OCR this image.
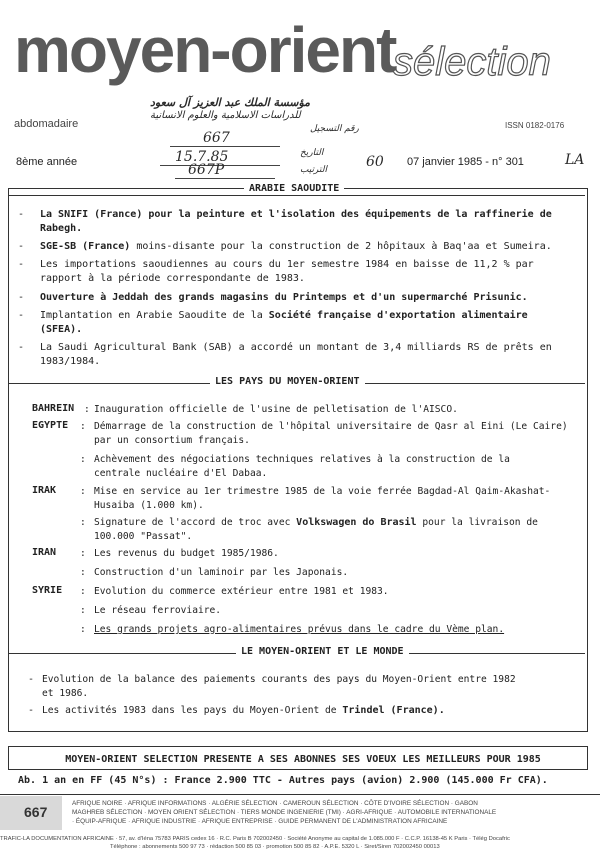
moyen-orient
sélection
abdomadaire	ISSN 0182-0176
8ème année	07 janvier 1985 - n° 301
مؤسسة الملك عبد العزيز آل سعود
للدراسات الاسلامية والعلوم الانسانية
رقم التسجيل
667
التاريخ
15.7.85
الترتيب
667P	60	LA
ARABIE SAOUDITE
-	La SNIFI (France) pour la peinture et l'isolation des équipements de la raffinerie de Rabegh.
-	SGE-SB (France) moins-disante pour la construction de 2 hôpitaux à Baq'aa et Sumeira.
-	Les importations saoudiennes au cours du 1er semestre 1984 en baisse de 11,2 % par rapport à la période correspondante de 1983.
-	Ouverture à Jeddah des grands magasins du Printemps et d'un supermarché Prisunic.
-	Implantation en Arabie Saoudite de la Société française d'exportation alimentaire (SFEA).
-	La Saudi Agricultural Bank (SAB) a accordé un montant de 3,4 milliards RS de prêts en 1983/1984.
LES PAYS DU MOYEN-ORIENT
BAHREIN : Inauguration officielle de l'usine de pelletisation de l'AISCO.
EGYPTE : Démarrage de la construction de l'hôpital universitaire de Qasr al Eini (Le Caire) par un consortium français.
: Achèvement des négociations techniques relatives à la construction de la centrale nucléaire d'El Dabaa.
IRAK : Mise en service au 1er trimestre 1985 de la voie ferrée Bagdad-Al Qaim-Akashat-Husaiba (1.000 km).
: Signature de l'accord de troc avec Volkswagen do Brasil pour la livraison de 100.000 "Passat".
IRAN : Les revenus du budget 1985/1986.
: Construction d'un laminoir par les Japonais.
SYRIE : Evolution du commerce extérieur entre 1981 et 1983.
: Le réseau ferroviaire.
: Les grands projets agro-alimentaires prévus dans le cadre du Vème plan.
LE MOYEN-ORIENT ET LE MONDE
- Evolution de la balance des paiements courants des pays du Moyen-Orient entre 1982 et 1986.
- Les activités 1983 dans les pays du Moyen-Orient de Trindel (France).
MOYEN-ORIENT SELECTION PRESENTE A SES ABONNES SES VOEUX LES MEILLEURS POUR 1985
Ab. 1 an en FF (45 N°s) : France 2.900 TTC - Autres pays (avion) 2.900 (145.000 Fr CFA).
667
AFRIQUE NOIRE · AFRIQUE INFORMATIONS · ALGÉRIE SÉLECTION · CAMEROUN SÉLECTION · CÔTE D'IVOIRE SÉLECTION · GABON
MAGHREB SÉLECTION · MOYEN ORIENT SÉLECTION · TIERS MONDE INGENIERIE (TMI) · AGRI-AFRIQUE · AUTOMOBILE INTERNATIONALE
· ÉQUIP-AFRIQUE · AFRIQUE INDUSTRIE · AFRIQUE ENTREPRISE · GUIDE PERMANENT DE L'ADMINISTRATION AFRICAINE
TRAFIC-LA DOCUMENTATION AFRICAINE · 57, av. d'Iéna 75783 PARIS cedex 16 · R.C. Paris B 702002450 · Société Anonyme au capital de 1.085.000 F · C.C.P. 16138-45 K Paris · Télég Docafric
Téléphone : abonnements 500 97 73 · rédaction 500 85 03 · promotion 500 85 82 · A.P.E. 5320 L · Siret/Siren 702002450 00013
